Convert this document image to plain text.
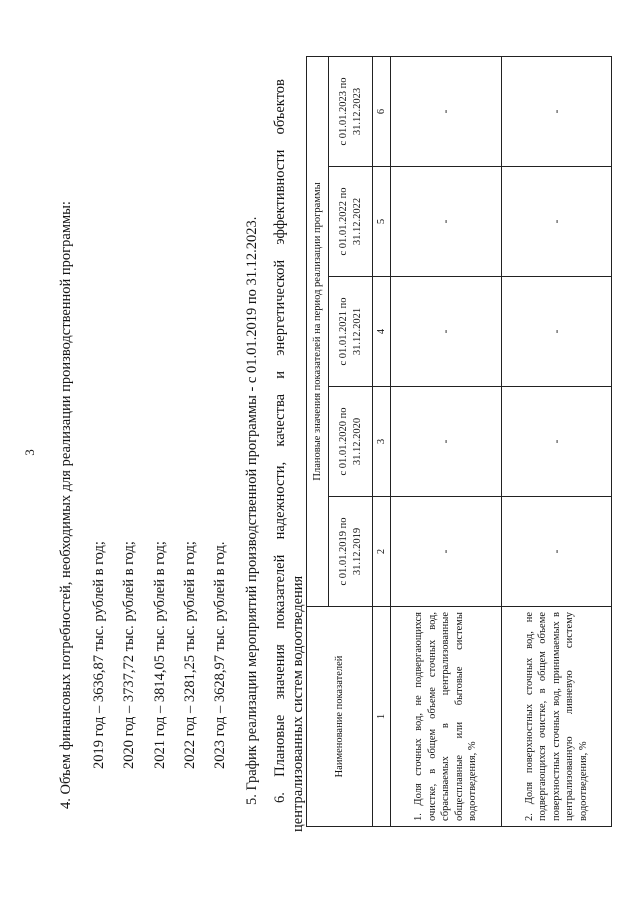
3 4. Объем финансовых потребностей, необходимых для реализации производственной программы: 2019 год – 3636,87 тыс. рублей в год; 2020 год – 3737,72 тыс. рублей в год; 2021 год – 3814,05 тыс. рублей в год; 2022 год – 3281,25 тыс. рублей в год; 2023 год – 3628,97 тыс. рублей в год. 5. График реализации мероприятий производственной программы - с 01.01.2019 по 31.12.2023. 6.
Плановые
значения
показателей
надежности,
качества
и
энергетической
эффективности
объектов
централизованных систем водоотведения	Наименование показателей	Плановые значения показателей на период реализации программы				
	с 01.01.2019 по 31.12.2019	с 01.01.2020 по 31.12.2020	с 01.01.2021 по 31.12.2021	с 01.01.2022 по 31.12.2022	с 01.01.2023 по 31.12.2023
1	2	3	4	5	6
1. Доля сточных вод, не подвергающихся очистке, в общем объеме сточных вод, сбрасываемых в централизованные общесплавные или бытовые системы водоотведения, %	-	-	-	-	-
2. Доля поверхностных сточных вод, не подвергающихся очистке, в общем объеме поверхностных сточных вод, принимаемых в централизованную ливневую систему водоотведения, %	-	-	-	-	-
